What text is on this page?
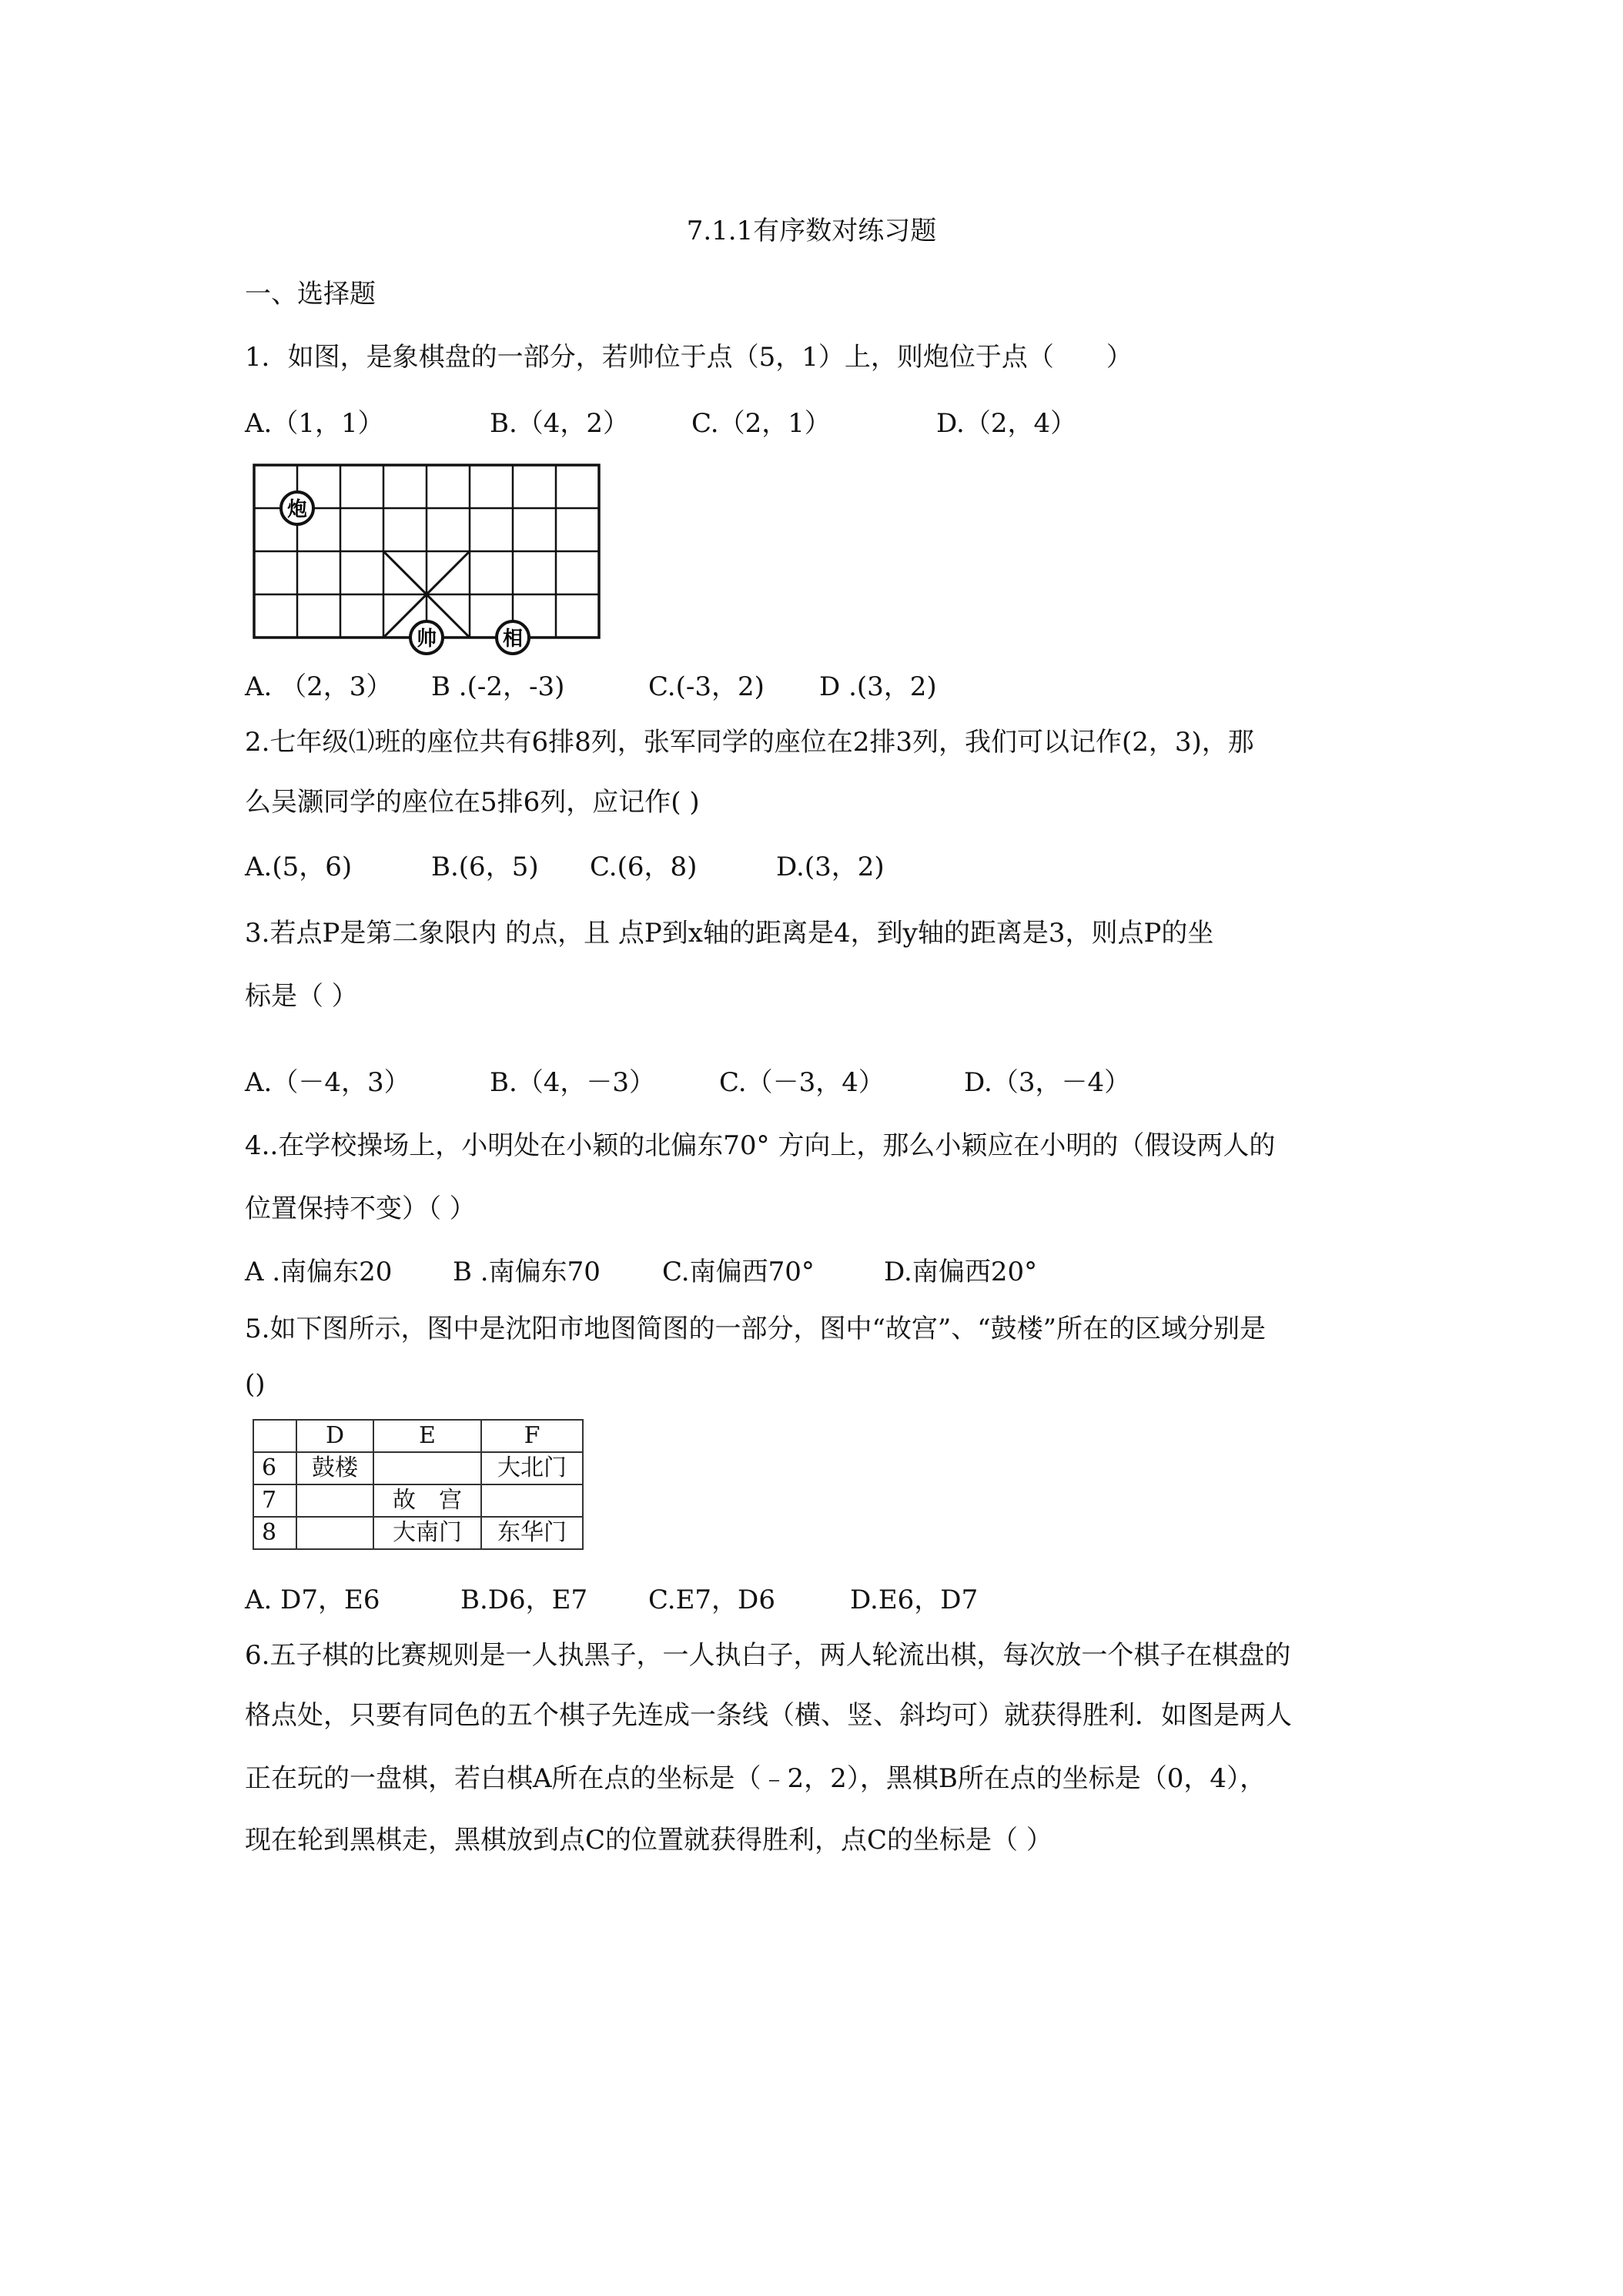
7.1.1有序数对练习题
一、选择题
1．如图，是象棋盘的一部分，若帅位于点（5，1）上，则炮位于点（　　）
A.（1，1）	B.（4，2） C.（2，1）	D.（2，4）
炮
帅	相
A. （2，3） B .(-2，-3)	C.(-3，2) D .(3，2)
2.七年级⑴班的座位共有6排8列，张军同学的座位在2排3列，我们可以记作(2，3)，那
么吴灏同学的座位在5排6列，应记作( )
A.(5，6)	B.(6，5) C.(6，8)	D.(3，2)
3.若点P是第二象限内 的点，且 点P到x轴的距离是4，到y轴的距离是3，则点P的坐
标是（ ）
A.（－4，3）	B.（4，－3） C.（－3，4）	D.（3，－4）
4..在学校操场上，小明处在小颖的北偏东70° 方向上，那么小颖应在小明的（假设两人的
位置保持不变）（ ）
A .南偏东20 B .南偏东70 C.南偏西70°	D.南偏西20°
5.如下图所示，图中是沈阳市地图简图的一部分，图中“故宫”、“鼓楼”所在的区域分别是
()
	D	E	F
6	鼓楼		大北门
7		故　宫	
8		大南门	东华门
A. D7，E6	B.D6，E7 C.E7，D6	D.E6，D7
6.五子棋的比赛规则是一人执黑子，一人执白子，两人轮流出棋，每次放一个棋子在棋盘的
格点处，只要有同色的五个棋子先连成一条线（横、竖、斜均可）就获得胜利．如图是两人
正在玩的一盘棋，若白棋A所在点的坐标是（﹣2，2），黑棋B所在点的坐标是（0，4），
现在轮到黑棋走，黑棋放到点C的位置就获得胜利，点C的坐标是（ ）
